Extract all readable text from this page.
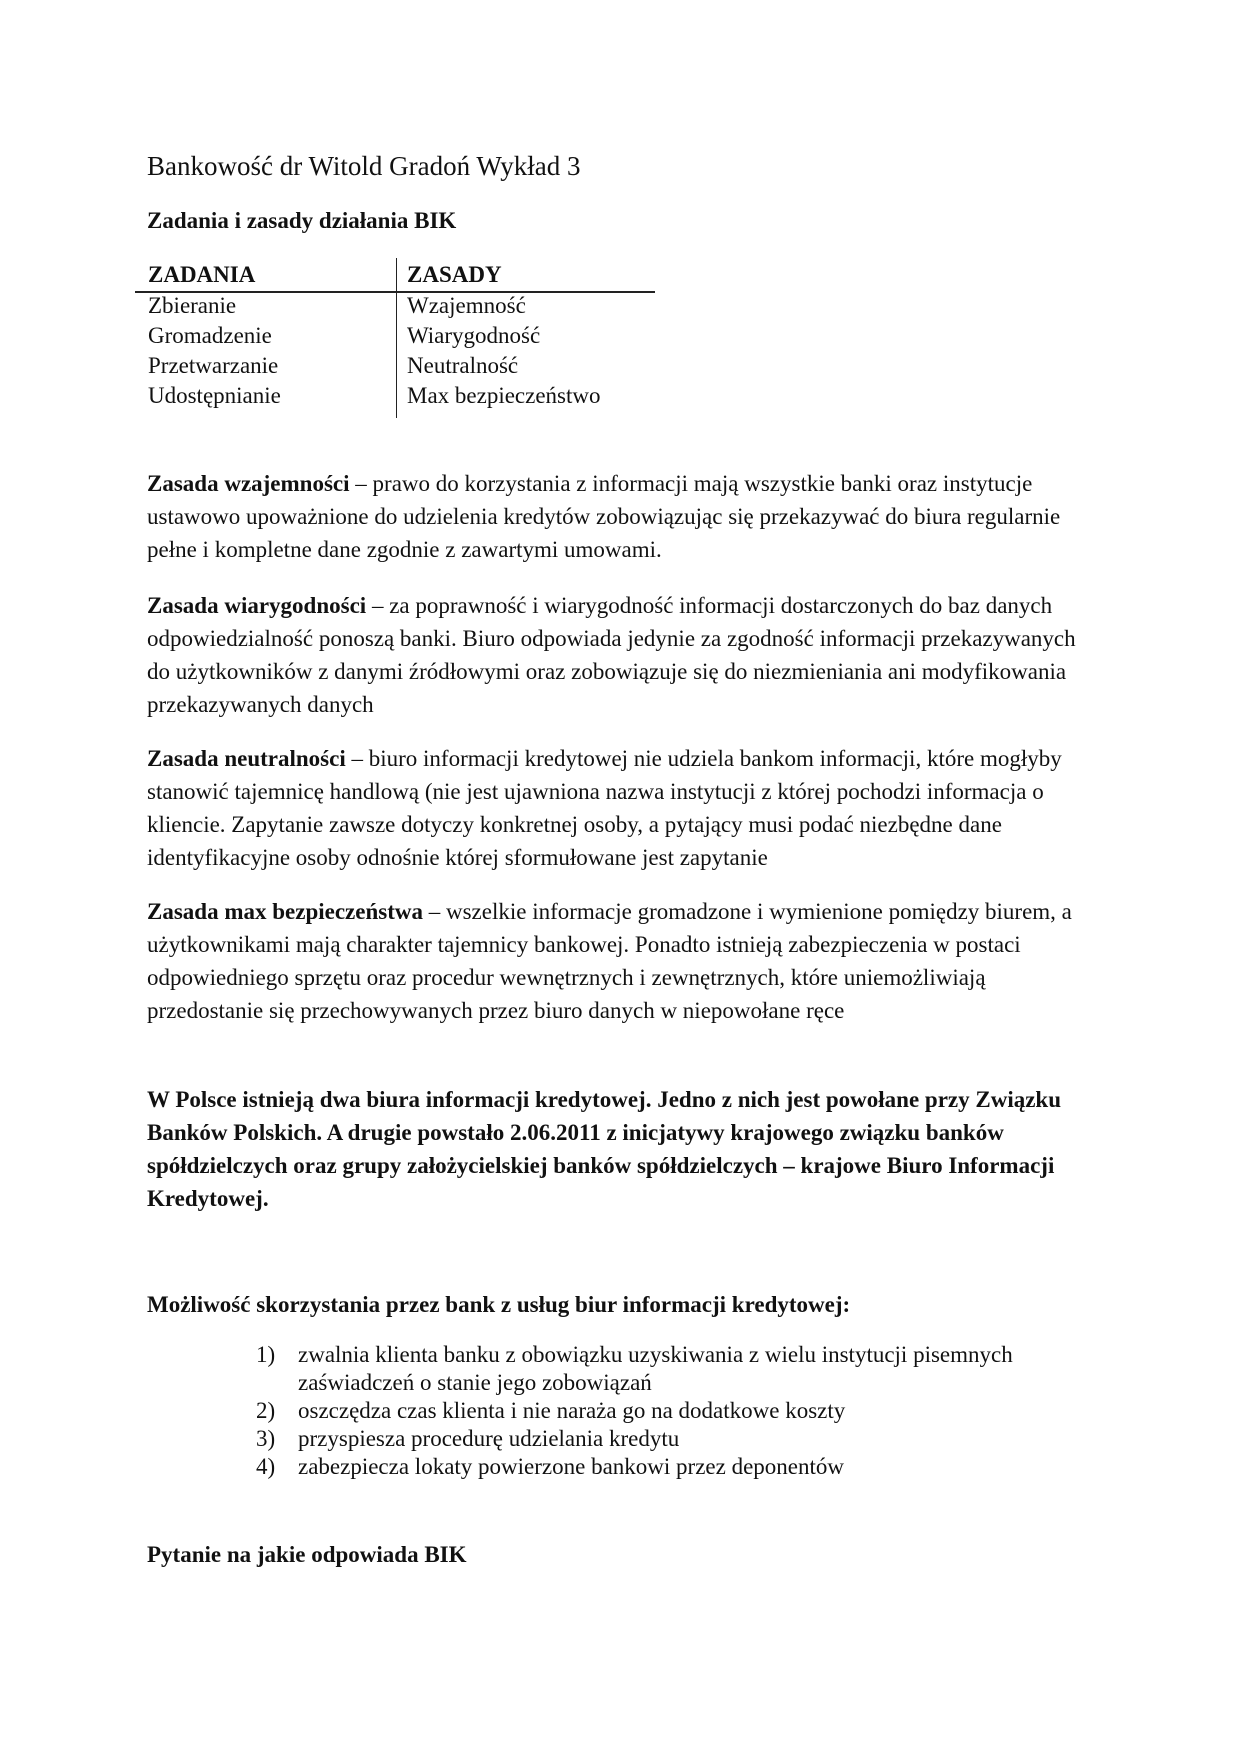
Bankowość dr Witold Gradoń Wykład 3
Zadania i zasady działania BIK
ZADANIA	ZASADY
Zbieranie
Gromadzenie
Przetwarzanie
Udostępnianie
Wzajemność
Wiarygodność
Neutralność
Max bezpieczeństwo

Zasada wzajemności – prawo do korzystania z informacji mają wszystkie banki oraz instytucje ustawowo upoważnione do udzielenia kredytów zobowiązując się przekazywać do biura regularnie pełne i kompletne dane zgodnie z zawartymi umowami.

Zasada wiarygodności – za poprawność i wiarygodność informacji dostarczonych do baz danych odpowiedzialność ponoszą banki. Biuro odpowiada jedynie za zgodność informacji przekazywanych do użytkowników z danymi źródłowymi oraz zobowiązuje się do niezmieniania ani modyfikowania przekazywanych danych

Zasada neutralności – biuro informacji kredytowej nie udziela bankom informacji, które mogłyby stanowić tajemnicę handlową (nie jest ujawniona nazwa instytucji z której pochodzi informacja o kliencie. Zapytanie zawsze dotyczy konkretnej osoby, a pytający musi podać niezbędne dane identyfikacyjne osoby odnośnie której sformułowane jest zapytanie

Zasada max bezpieczeństwa – wszelkie informacje gromadzone i wymienione pomiędzy biurem, a użytkownikami mają charakter tajemnicy bankowej. Ponadto istnieją zabezpieczenia w postaci odpowiedniego sprzętu oraz procedur wewnętrznych i zewnętrznych, które uniemożliwiają przedostanie się przechowywanych przez biuro danych w niepowołane ręce

W Polsce istnieją dwa biura informacji kredytowej. Jedno z nich jest powołane przy Związku Banków Polskich. A drugie powstało 2.06.2011 z inicjatywy krajowego związku banków spółdzielczych oraz grupy założycielskiej banków spółdzielczych – krajowe Biuro Informacji Kredytowej.

Możliwość skorzystania przez bank z usług biur informacji kredytowej:
1) zwalnia klienta banku z obowiązku uzyskiwania z wielu instytucji pisemnych zaświadczeń o stanie jego zobowiązań
2) oszczędza czas klienta i nie naraża go na dodatkowe koszty
3) przyspiesza procedurę udzielania kredytu
4) zabezpiecza lokaty powierzone bankowi przez deponentów
Pytanie na jakie odpowiada BIK
